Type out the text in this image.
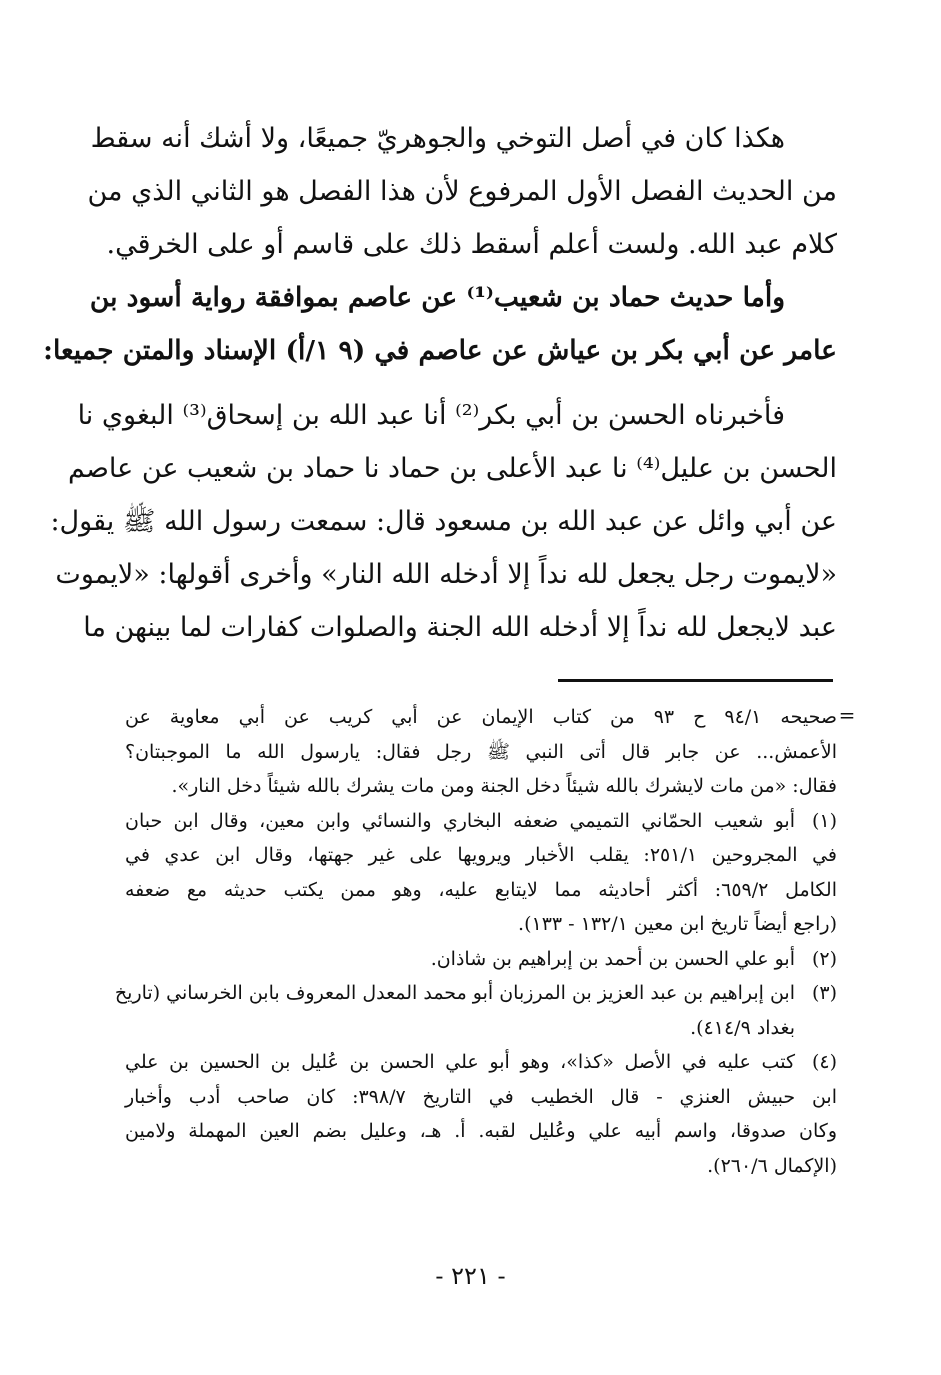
هكذا كان في أصل التوخي والجوهريّ جميعًا، ولا أشك أنه سقط
من الحديث الفصل الأول المرفوع لأن هذا الفصل هو الثاني الذي من
كلام عبد الله. ولست أعلم أسقط ذلك على قاسم أو على الخرقي.
وأما حديث حماد بن شعيب⁽¹⁾ عن عاصم بموافقة رواية أسود بن
عامر عن أبي بكر بن عياش عن عاصم في (٩ ١/أ) الإسناد والمتن جميعا:
فأخبرناه الحسن بن أبي بكر⁽²⁾ أنا عبد الله بن إسحاق⁽³⁾ البغوي نا
الحسن بن عليل⁽⁴⁾ نا عبد الأعلى بن حماد نا حماد بن شعيب عن عاصم
عن أبي وائل عن عبد الله بن مسعود قال: سمعت رسول الله ﷺ يقول:
«لايموت رجل يجعل لله نداً إلا أدخله الله النار» وأخرى أقولها: «لايموت
عبد لايجعل لله نداً إلا أدخله الله الجنة والصلوات كفارات لما بينهن ما
=
صحيحه ٩٤/١ ح ٩٣ من كتاب الإيمان عن أبي كريب عن أبي معاوية عن
الأعمش... عن جابر قال أتى النبي ﷺ رجل فقال: يارسول الله ما الموجبتان؟
فقال: «من مات لايشرك بالله شيئاً دخل الجنة ومن مات يشرك بالله شيئاً دخل النار».
(١)أبو شعيب الحمّاني التميمي ضعفه البخاري والنسائي وابن معين، وقال ابن حبان
في المجروحين ٢٥١/١: يقلب الأخبار ويرويها على غير جهتها، وقال ابن عدي في
الكامل ٦٥٩/٢: أكثر أحاديثه مما لايتابع عليه، وهو ممن يكتب حديثه مع ضعفه
(راجع أيضاً تاريخ ابن معين ١٣٢/١ - ١٣٣).
(٢)أبو علي الحسن بن أحمد بن إبراهيم بن شاذان.
(٣)ابن إبراهيم بن عبد العزيز بن المرزبان أبو محمد المعدل المعروف بابن الخرساني (تاريخ
بغداد ٤١٤/٩).
(٤)كتب عليه في الأصل «كذا»، وهو أبو علي الحسن بن عُليل بن الحسين بن علي
ابن حبيش العنزي - قال الخطيب في التاريخ ٣٩٨/٧: كان صاحب أدب وأخبار
وكان صدوقا، واسم أبيه علي وعُليل لقبه. أ. هـ، وعليل بضم العين المهملة ولامين
(الإكمال ٢٦٠/٦).
- ٢٢١ -
